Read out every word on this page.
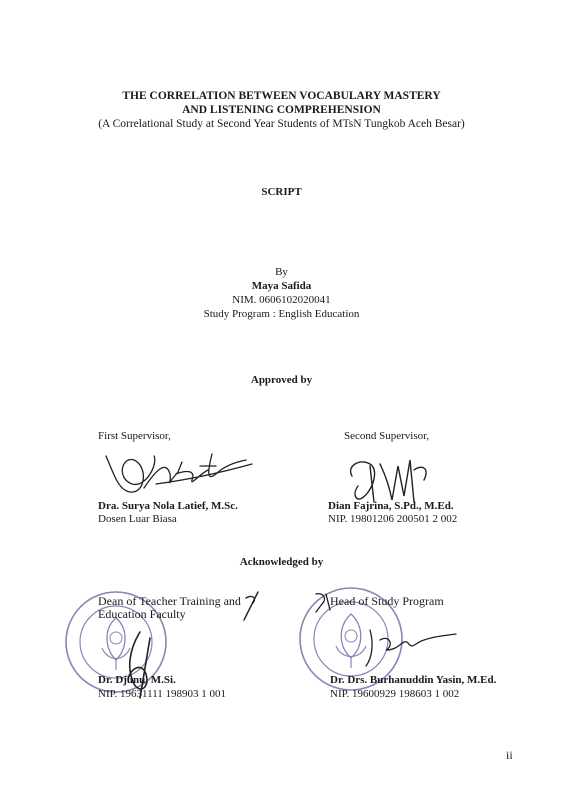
THE CORRELATION BETWEEN VOCABULARY MASTERY
AND LISTENING COMPREHENSION
(A Correlational Study at Second Year Students of MTsN Tungkob Aceh Besar)
SCRIPT
By
Maya Safida
NIM. 0606102020041
Study Program : English Education
Approved by
First Supervisor,
Dra. Surya Nola Latief, M.Sc.
Dosen Luar Biasa
Second Supervisor,
Dian Fajrina, S.Pd., M.Ed.
NIP. 19801206 200501 2 002
Acknowledged by
Dean of Teacher Training and
Education Faculty
Dr. Djunu, M.Si.
NIP. 19631111 198903 1 001
Head of Study Program
Dr. Drs. Burhanuddin Yasin, M.Ed.
NIP. 19600929 198603 1 002
ii
